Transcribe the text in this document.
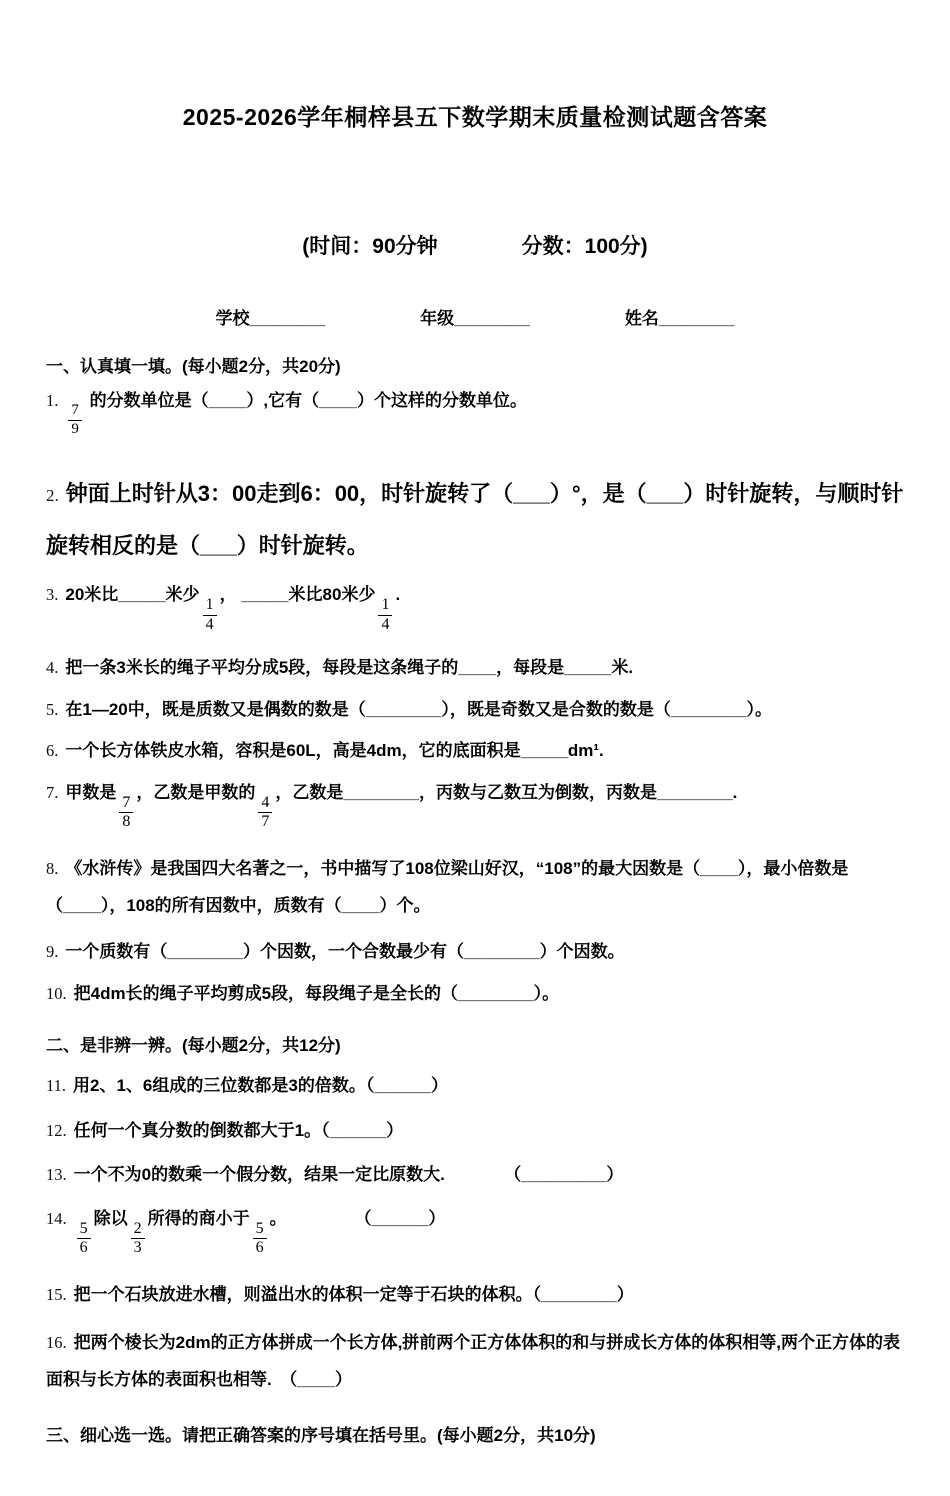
2025-2026学年桐梓县五下数学期末质量检测试题含答案
(时间：90分钟　　　　分数：100分)
学校________	年级________	姓名________
一、认真填一填。(每小题2分，共20分)
1.
$\frac{7}{9}$
的分数单位是（____）,它有（____）个这样的分数单位。
2. 钟面上时针从3：00走到6：00，时针旋转了（___）°，是（___）时针旋转，与顺时针旋转相反的是（___）时针旋转。
3. 20米比_____米少
$\frac{1}{4}$
， _____米比80米少
$\frac{1}{4}$
.
4. 把一条3米长的绳子平均分成5段，每段是这条绳子的____，每段是_____米.
5. 在1—20中，既是质数又是偶数的数是（________），既是奇数又是合数的数是（________）。
6. 一个长方体铁皮水箱，容积是60L，高是4dm，它的底面积是_____dm¹.
7. 甲数是
$\frac{7}{8}$
，乙数是甲数的
$\frac{4}{7}$
，乙数是________，丙数与乙数互为倒数，丙数是________.
8. 《水浒传》是我国四大名著之一，书中描写了108位梁山好汉，“108”的最大因数是（____），最小倍数是（____），108的所有因数中，质数有（____）个。
9. 一个质数有（________）个因数，一个合数最少有（________）个因数。
10. 把4dm长的绳子平均剪成5段，每段绳子是全长的（________）。
二、是非辨一辨。(每小题2分，共12分)
11. 用2、1、6组成的三位数都是3的倍数。（______）
12. 任何一个真分数的倒数都大于1。（______）
13. 一个不为0的数乘一个假分数，结果一定比原数大.　　　　（_________）
14.
$\frac{5}{6}$
除以
$\frac{2}{3}$
所得的商小于
$\frac{5}{6}$
。　　　　　（______）
15. 把一个石块放进水槽，则溢出水的体积一定等于石块的体积。（________）
16. 把两个棱长为2dm的正方体拼成一个长方体,拼前两个正方体体积的和与拼成长方体的体积相等,两个正方体的表面积与长方体的表面积也相等.　（____）
三、细心选一选。请把正确答案的序号填在括号里。(每小题2分，共10分)
